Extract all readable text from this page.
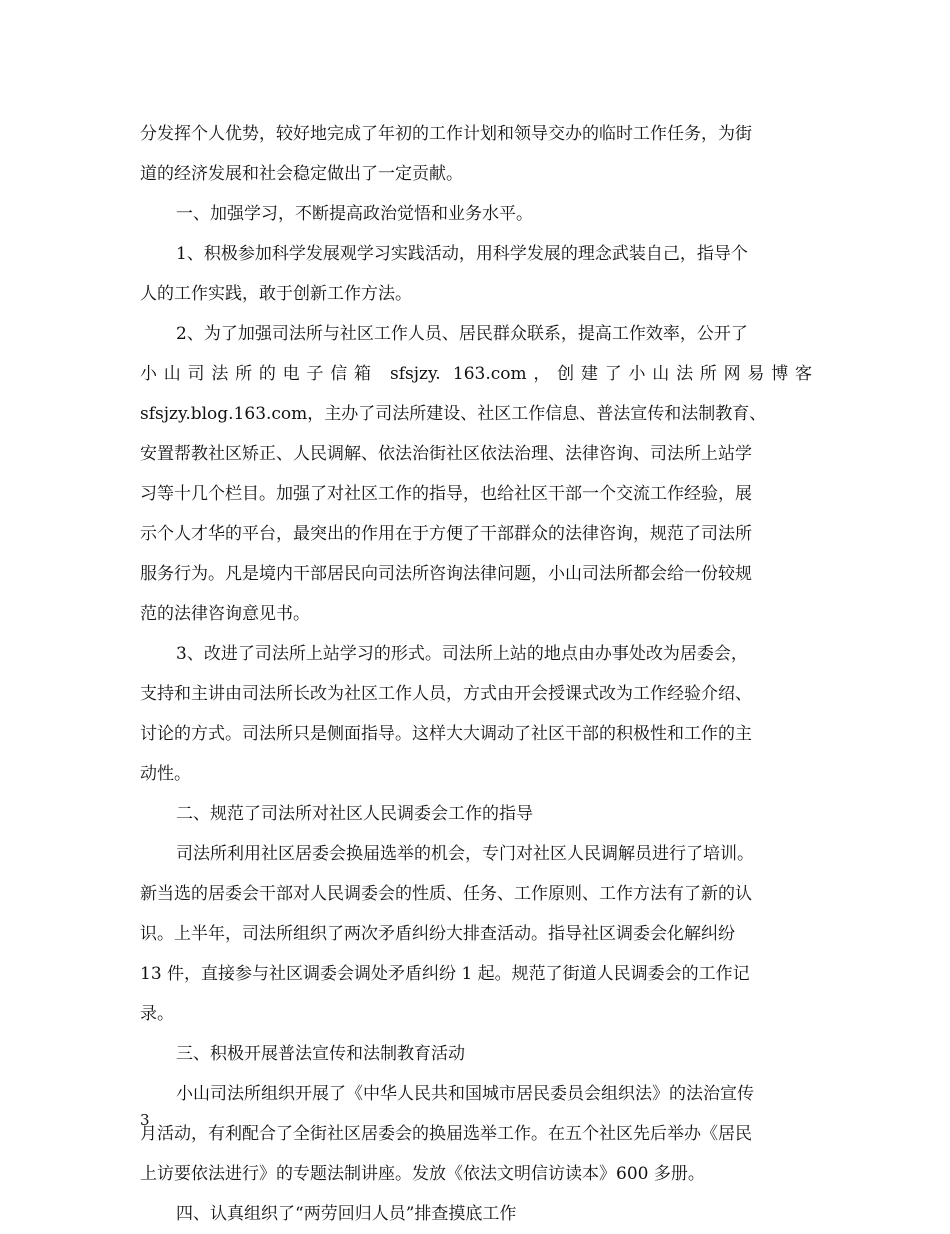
分发挥个人优势，较好地完成了年初的工作计划和领导交办的临时工作任务，为街
道的经济发展和社会稳定做出了一定贡献。
一、加强学习，不断提高政治觉悟和业务水平。
1、积极参加科学发展观学习实践活动，用科学发展的理念武装自己，指导个
人的工作实践，敢于创新工作方法。
2、为了加强司法所与社区工作人员、居民群众联系，提高工作效率，公开了
小山司法所的电子信箱 sfsjzy. 163.com，创建了小山法所网易博客
sfsjzy.blog.163.com，主办了司法所建设、社区工作信息、普法宣传和法制教育、
安置帮教社区矫正、人民调解、依法治街社区依法治理、法律咨询、司法所上站学
习等十几个栏目。加强了对社区工作的指导，也给社区干部一个交流工作经验，展
示个人才华的平台，最突出的作用在于方便了干部群众的法律咨询，规范了司法所
服务行为。凡是境内干部居民向司法所咨询法律问题，小山司法所都会给一份较规
范的法律咨询意见书。
3、改进了司法所上站学习的形式。司法所上站的地点由办事处改为居委会，
支持和主讲由司法所长改为社区工作人员，方式由开会授课式改为工作经验介绍、
讨论的方式。司法所只是侧面指导。这样大大调动了社区干部的积极性和工作的主
动性。
二、规范了司法所对社区人民调委会工作的指导
司法所利用社区居委会换届选举的机会，专门对社区人民调解员进行了培训。
新当选的居委会干部对人民调委会的性质、任务、工作原则、工作方法有了新的认
识。上半年，司法所组织了两次矛盾纠纷大排查活动。指导社区调委会化解纠纷
13 件，直接参与社区调委会调处矛盾纠纷 1 起。规范了街道人民调委会的工作记
录。
三、积极开展普法宣传和法制教育活动
小山司法所组织开展了《中华人民共和国城市居民委员会组织法》的法治宣传
月活动，有利配合了全街社区居委会的换届选举工作。在五个社区先后举办《居民
上访要依法进行》的专题法制讲座。发放《依法文明信访读本》600 多册。
四、认真组织了“两劳回归人员”排查摸底工作
3
